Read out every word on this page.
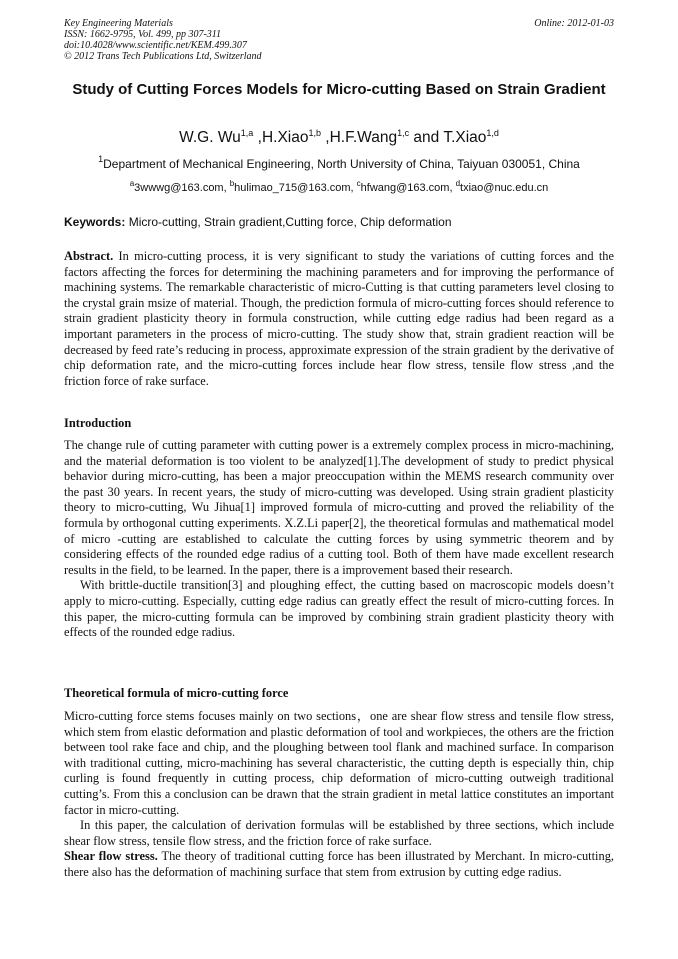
Key Engineering Materials
ISSN: 1662-9795, Vol. 499, pp 307-311
doi:10.4028/www.scientific.net/KEM.499.307
© 2012 Trans Tech Publications Ltd, Switzerland
Online: 2012-01-03
Study of Cutting Forces Models for Micro-cutting Based on Strain Gradient
W.G. Wu$^{1,a}$ ,H.Xiao$^{1,b}$ ,H.F.Wang$^{1,c}$ and T.Xiao$^{1,d}$
$^1$Department of Mechanical Engineering, North University of China, Taiyuan 030051, China
$^a$3wwwg@163.com, $^b$hulimao_715@163.com, $^c$hfwang@163.com, $^d$txiao@nuc.edu.cn
Keywords: Micro-cutting, Strain gradient,Cutting force, Chip deformation

Abstract. In micro-cutting process, it is very significant to study the variations of cutting forces and the factors affecting the forces for determining the machining parameters and for improving the performance of machining systems. The remarkable characteristic of micro-Cutting is that cutting parameters level closing to the crystal grain msize of material. Though, the prediction formula of micro-cutting forces should reference to strain gradient plasticity theory in formula construction, while cutting edge radius had been regard as a important parameters in the process of micro-cutting. The study show that, strain gradient reaction will be decreased by feed rate’s reducing in process, approximate expression of the strain gradient by the derivative of chip deformation rate, and the micro-cutting forces include hear flow stress, tensile flow stress ,and the friction force of rake surface.

Introduction

The change rule of cutting parameter with cutting power is a extremely complex process in micro-machining, and the material deformation is too violent to be analyzed[1].The development of study to predict physical behavior during micro-cutting, has been a major preoccupation within the MEMS research community over the past 30 years. In recent years, the study of micro-cutting was developed. Using strain gradient plasticity theory to micro-cutting, Wu Jihua[1] improved formula of micro-cutting and proved the reliability of the formula by orthogonal cutting experiments. X.Z.Li paper[2], the theoretical formulas and mathematical model of micro -cutting are established to calculate the cutting forces by using symmetric theorem and by considering effects of the rounded edge radius of a cutting tool. Both of them have made excellent research results in the field, to be learned. In the paper, there is a improvement based their research.

With brittle-ductile transition[3] and ploughing effect, the cutting based on macroscopic models doesn’t apply to micro-cutting. Especially, cutting edge radius can greatly effect the result of micro-cutting forces. In this paper, the micro-cutting formula can be improved by combining strain gradient plasticity theory with effects of the rounded edge radius.

Theoretical formula of micro-cutting force

Micro-cutting force stems focuses mainly on two sections，one are shear flow stress and tensile flow stress, which stem from elastic deformation and plastic deformation of tool and workpieces, the others are the friction between tool rake face and chip, and the ploughing between tool flank and machined surface. In comparison with traditional cutting, micro-machining has several characteristic, the cutting depth is especially thin, chip curling is found frequently in cutting process, chip deformation of micro-cutting outweigh traditional cutting’s. From this a conclusion can be drawn that the strain gradient in metal lattice constitutes an important factor in micro-cutting.

In this paper, the calculation of derivation formulas will be established by three sections, which include shear flow stress, tensile flow stress, and the friction force of rake surface.

Shear flow stress. The theory of traditional cutting force has been illustrated by Merchant. In micro-cutting, there also has the deformation of machining surface that stem from extrusion by cutting edge radius.
